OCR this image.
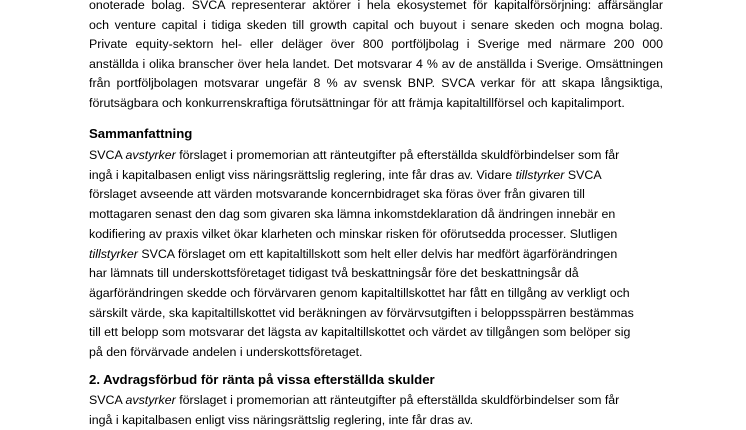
onoterade bolag. SVCA representerar aktörer i hela ekosystemet för kapitalförsörjning: affärsänglar
och venture capital i tidiga skeden till growth capital och buyout i senare skeden och mogna bolag.
Private equity-sektorn hel- eller deläger över 800 portföljbolag i Sverige med närmare 200 000
anställda i olika branscher över hela landet. Det motsvarar 4 % av de anställda i Sverige. Omsättningen
från portföljbolagen motsvarar ungefär 8 % av svensk BNP. SVCA verkar för att skapa långsiktiga,
förutsägbara och konkurrenskraftiga förutsättningar för att främja kapitaltillförsel och kapitalimport.
Sammanfattning
SVCA avstyrker förslaget i promemorian att ränteutgifter på efterställda skuldförbindelser som får
ingå i kapitalbasen enligt viss näringsrättslig reglering, inte får dras av. Vidare tillstyrker SVCA
förslaget avseende att värden motsvarande koncernbidraget ska föras över från givaren till
mottagaren senast den dag som givaren ska lämna inkomstdeklaration då ändringen innebär en
kodifiering av praxis vilket ökar klarheten och minskar risken för oförutsedda processer. Slutligen
tillstyrker SVCA förslaget om ett kapitaltillskott som helt eller delvis har medfört ägarförändringen
har lämnats till underskottsföretaget tidigast två beskattningsår före det beskattningsår då
ägarförändringen skedde och förvärvaren genom kapitaltillskottet har fått en tillgång av verkligt och
särskilt värde, ska kapitaltillskottet vid beräkningen av förvärvsutgiften i beloppsspärren bestämmas
till ett belopp som motsvarar det lägsta av kapitaltillskottet och värdet av tillgången som belöper sig
på den förvärvade andelen i underskottsföretaget.
2. Avdragsförbud för ränta på vissa efterställda skulder
SVCA avstyrker förslaget i promemorian att ränteutgifter på efterställda skuldförbindelser som får
ingå i kapitalbasen enligt viss näringsrättslig reglering, inte får dras av.
